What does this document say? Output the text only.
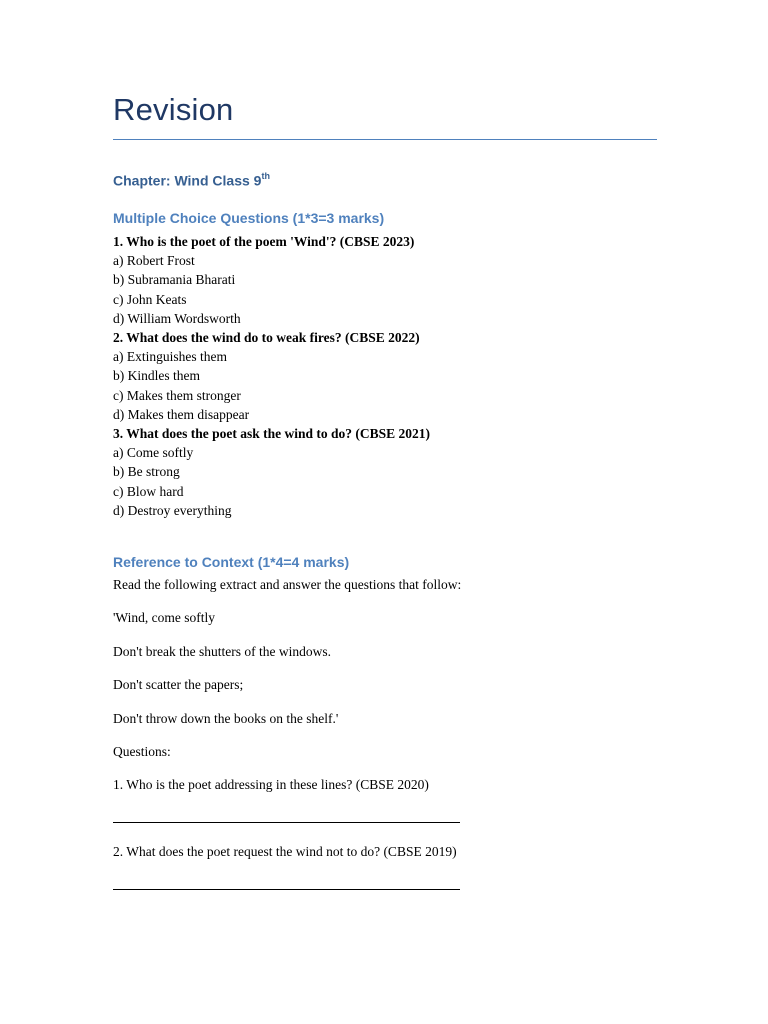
Revision
Chapter: Wind Class 9th
Multiple Choice Questions (1*3=3 marks)
1. Who is the poet of the poem 'Wind'? (CBSE 2023)
a) Robert Frost
b) Subramania Bharati
c) John Keats
d) William Wordsworth
2. What does the wind do to weak fires? (CBSE 2022)
a) Extinguishes them
b) Kindles them
c) Makes them stronger
d) Makes them disappear
3. What does the poet ask the wind to do? (CBSE 2021)
a) Come softly
b) Be strong
c) Blow hard
d) Destroy everything
Reference to Context (1*4=4 marks)
Read the following extract and answer the questions that follow:
'Wind, come softly
Don't break the shutters of the windows.
Don't scatter the papers;
Don't throw down the books on the shelf.'
Questions:
1. Who is the poet addressing in these lines? (CBSE 2020)
2. What does the poet request the wind not to do? (CBSE 2019)
